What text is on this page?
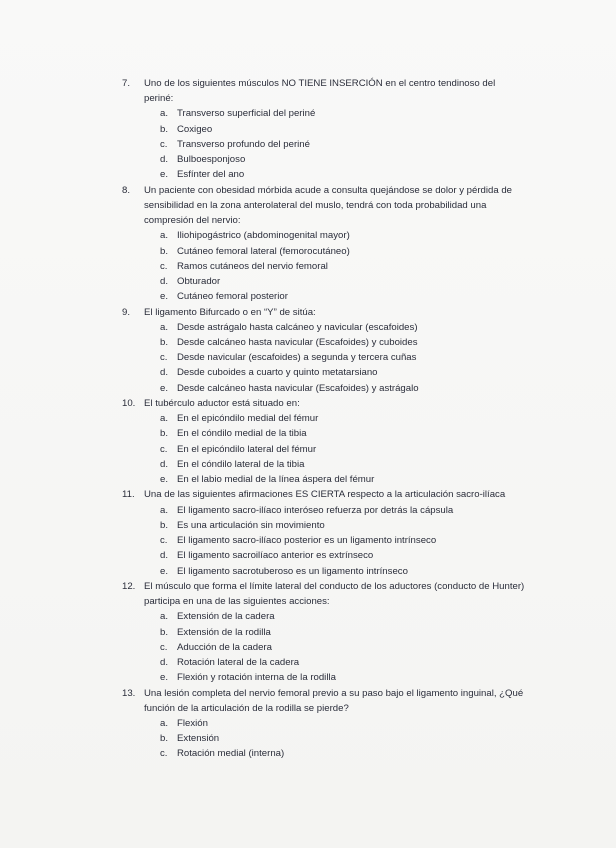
7.	Uno de los siguientes músculos NO TIENE INSERCIÓN en el centro tendinoso del periné:
a. Transverso superficial del periné
b. Coxigeo
c. Transverso profundo del periné
d. Bulboesponjoso
e. Esfínter del ano
8.	Un paciente con obesidad mórbida acude a consulta quejándose se dolor y pérdida de sensibilidad en la zona anterolateral del muslo, tendrá con toda probabilidad una compresión del nervio:
a. Iliohipogástrico (abdominogenital mayor)
b. Cutáneo femoral lateral (femorocutáneo)
c. Ramos cutáneos del nervio femoral
d. Obturador
e. Cutáneo femoral posterior
9.	El ligamento Bifurcado o en “Y” de sitúa:
a. Desde astrágalo hasta calcáneo y navicular (escafoides)
b. Desde calcáneo hasta navicular (Escafoides) y cuboides
c. Desde navicular (escafoides) a segunda y tercera cuñas
d. Desde cuboides a cuarto y quinto metatarsiano
e. Desde calcáneo hasta navicular (Escafoides) y astrágalo
10. El tubérculo aductor está situado en:
a. En el epicóndilo medial del fémur
b. En el cóndilo medial de la tibia
c. En el epicóndilo lateral del fémur
d. En el cóndilo lateral de la tibia
e. En el labio medial de la línea áspera del fémur
11. Una de las siguientes afirmaciones ES CIERTA respecto a la articulación sacro-ilíaca
a. El ligamento sacro-ilíaco interóseo refuerza por detrás la cápsula
b. Es una articulación sin movimiento
c. El ligamento sacro-ilíaco posterior es un ligamento intrínseco
d. El ligamento sacroilíaco anterior es extrínseco
e. El ligamento sacrotuberoso es un ligamento intrínseco
12. El músculo que forma el límite lateral del conducto de los aductores (conducto de Hunter) participa en una de las siguientes acciones:
a. Extensión de la cadera
b. Extensión de la rodilla
c. Aducción de la cadera
d. Rotación lateral de la cadera
e. Flexión y rotación interna de la rodilla
13. Una lesión completa del nervio femoral previo a su paso bajo el ligamento inguinal, ¿Qué función de la articulación de la rodilla se pierde?
a. Flexión
b. Extensión
c. Rotación medial (interna)
